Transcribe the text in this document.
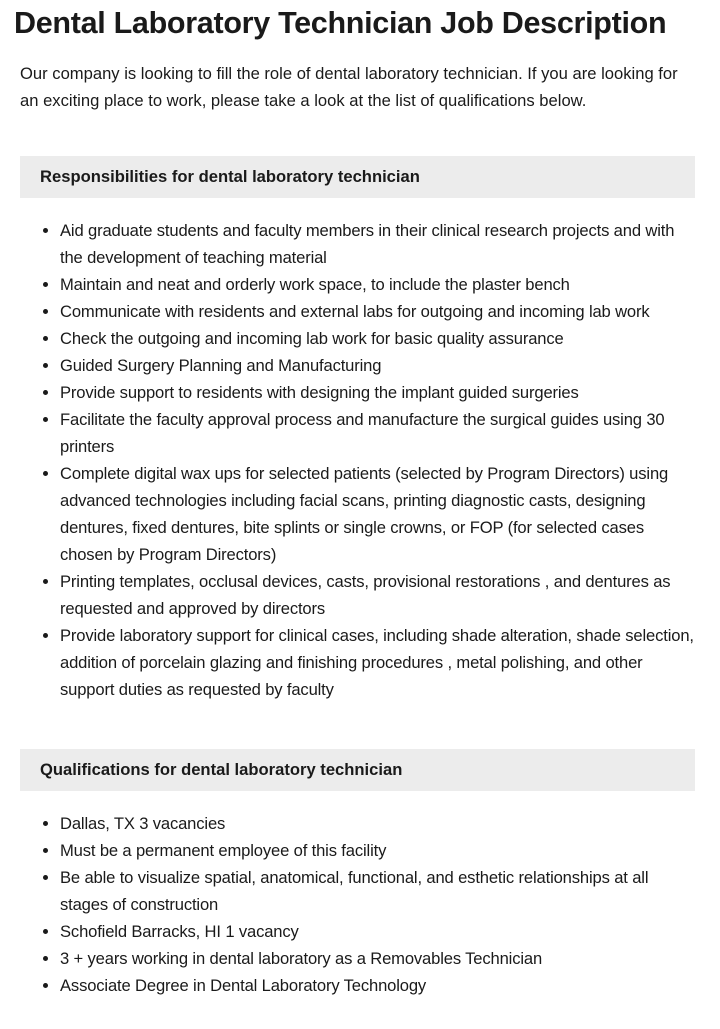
Dental Laboratory Technician Job Description

Our company is looking to fill the role of dental laboratory technician. If you are looking for an exciting place to work, please take a look at the list of qualifications below.

Responsibilities for dental laboratory technician
• Aid graduate students and faculty members in their clinical research projects and with the development of teaching material
• Maintain and neat and orderly work space, to include the plaster bench
• Communicate with residents and external labs for outgoing and incoming lab work
• Check the outgoing and incoming lab work for basic quality assurance
• Guided Surgery Planning and Manufacturing
• Provide support to residents with designing the implant guided surgeries
• Facilitate the faculty approval process and manufacture the surgical guides using 30 printers
• Complete digital wax ups for selected patients (selected by Program Directors) using advanced technologies including facial scans, printing diagnostic casts, designing dentures, fixed dentures, bite splints or single crowns, or FOP (for selected cases chosen by Program Directors)
• Printing templates, occlusal devices, casts, provisional restorations , and dentures as requested and approved by directors
• Provide laboratory support for clinical cases, including shade alteration, shade selection, addition of porcelain glazing and finishing procedures , metal polishing, and other support duties as requested by faculty
Qualifications for dental laboratory technician
• Dallas, TX 3 vacancies
• Must be a permanent employee of this facility
• Be able to visualize spatial, anatomical, functional, and esthetic relationships at all stages of construction
• Schofield Barracks, HI 1 vacancy
• 3 + years working in dental laboratory as a Removables Technician
• Associate Degree in Dental Laboratory Technology
